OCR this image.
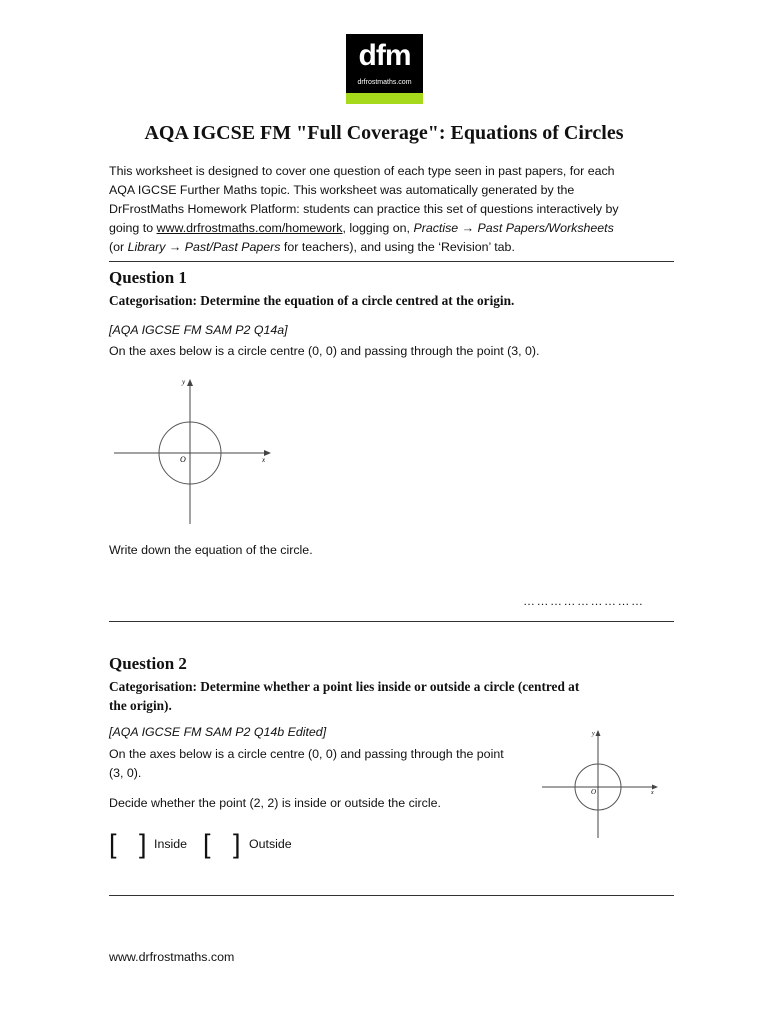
dfm
drfrostmaths.com
AQA IGCSE FM "Full Coverage": Equations of Circles
This worksheet is designed to cover one question of each type seen in past papers, for each
AQA IGCSE Further Maths topic. This worksheet was automatically generated by the
DrFrostMaths Homework Platform: students can practice this set of questions interactively by
going to www.drfrostmaths.com/homework, logging on, Practise → Past Papers/Worksheets
(or Library → Past/Past Papers for teachers), and using the ‘Revision’ tab.
Question 1
Categorisation: Determine the equation of a circle centred at the origin.
[AQA IGCSE FM SAM P2 Q14a]
On the axes below is a circle centre (0, 0) and passing through the point (3, 0).
O	x
y
Write down the equation of the circle.
………………………
Question 2
Categorisation: Determine whether a point lies inside or outside a circle (centred at
the origin).
[AQA IGCSE FM SAM P2 Q14b Edited]
On the axes below is a circle centre (0, 0) and passing through the point
(3, 0).
Decide whether the point (2, 2) is inside or outside the circle.
O	x
y
[ ] Inside [ ] Outside
www.drfrostmaths.com
